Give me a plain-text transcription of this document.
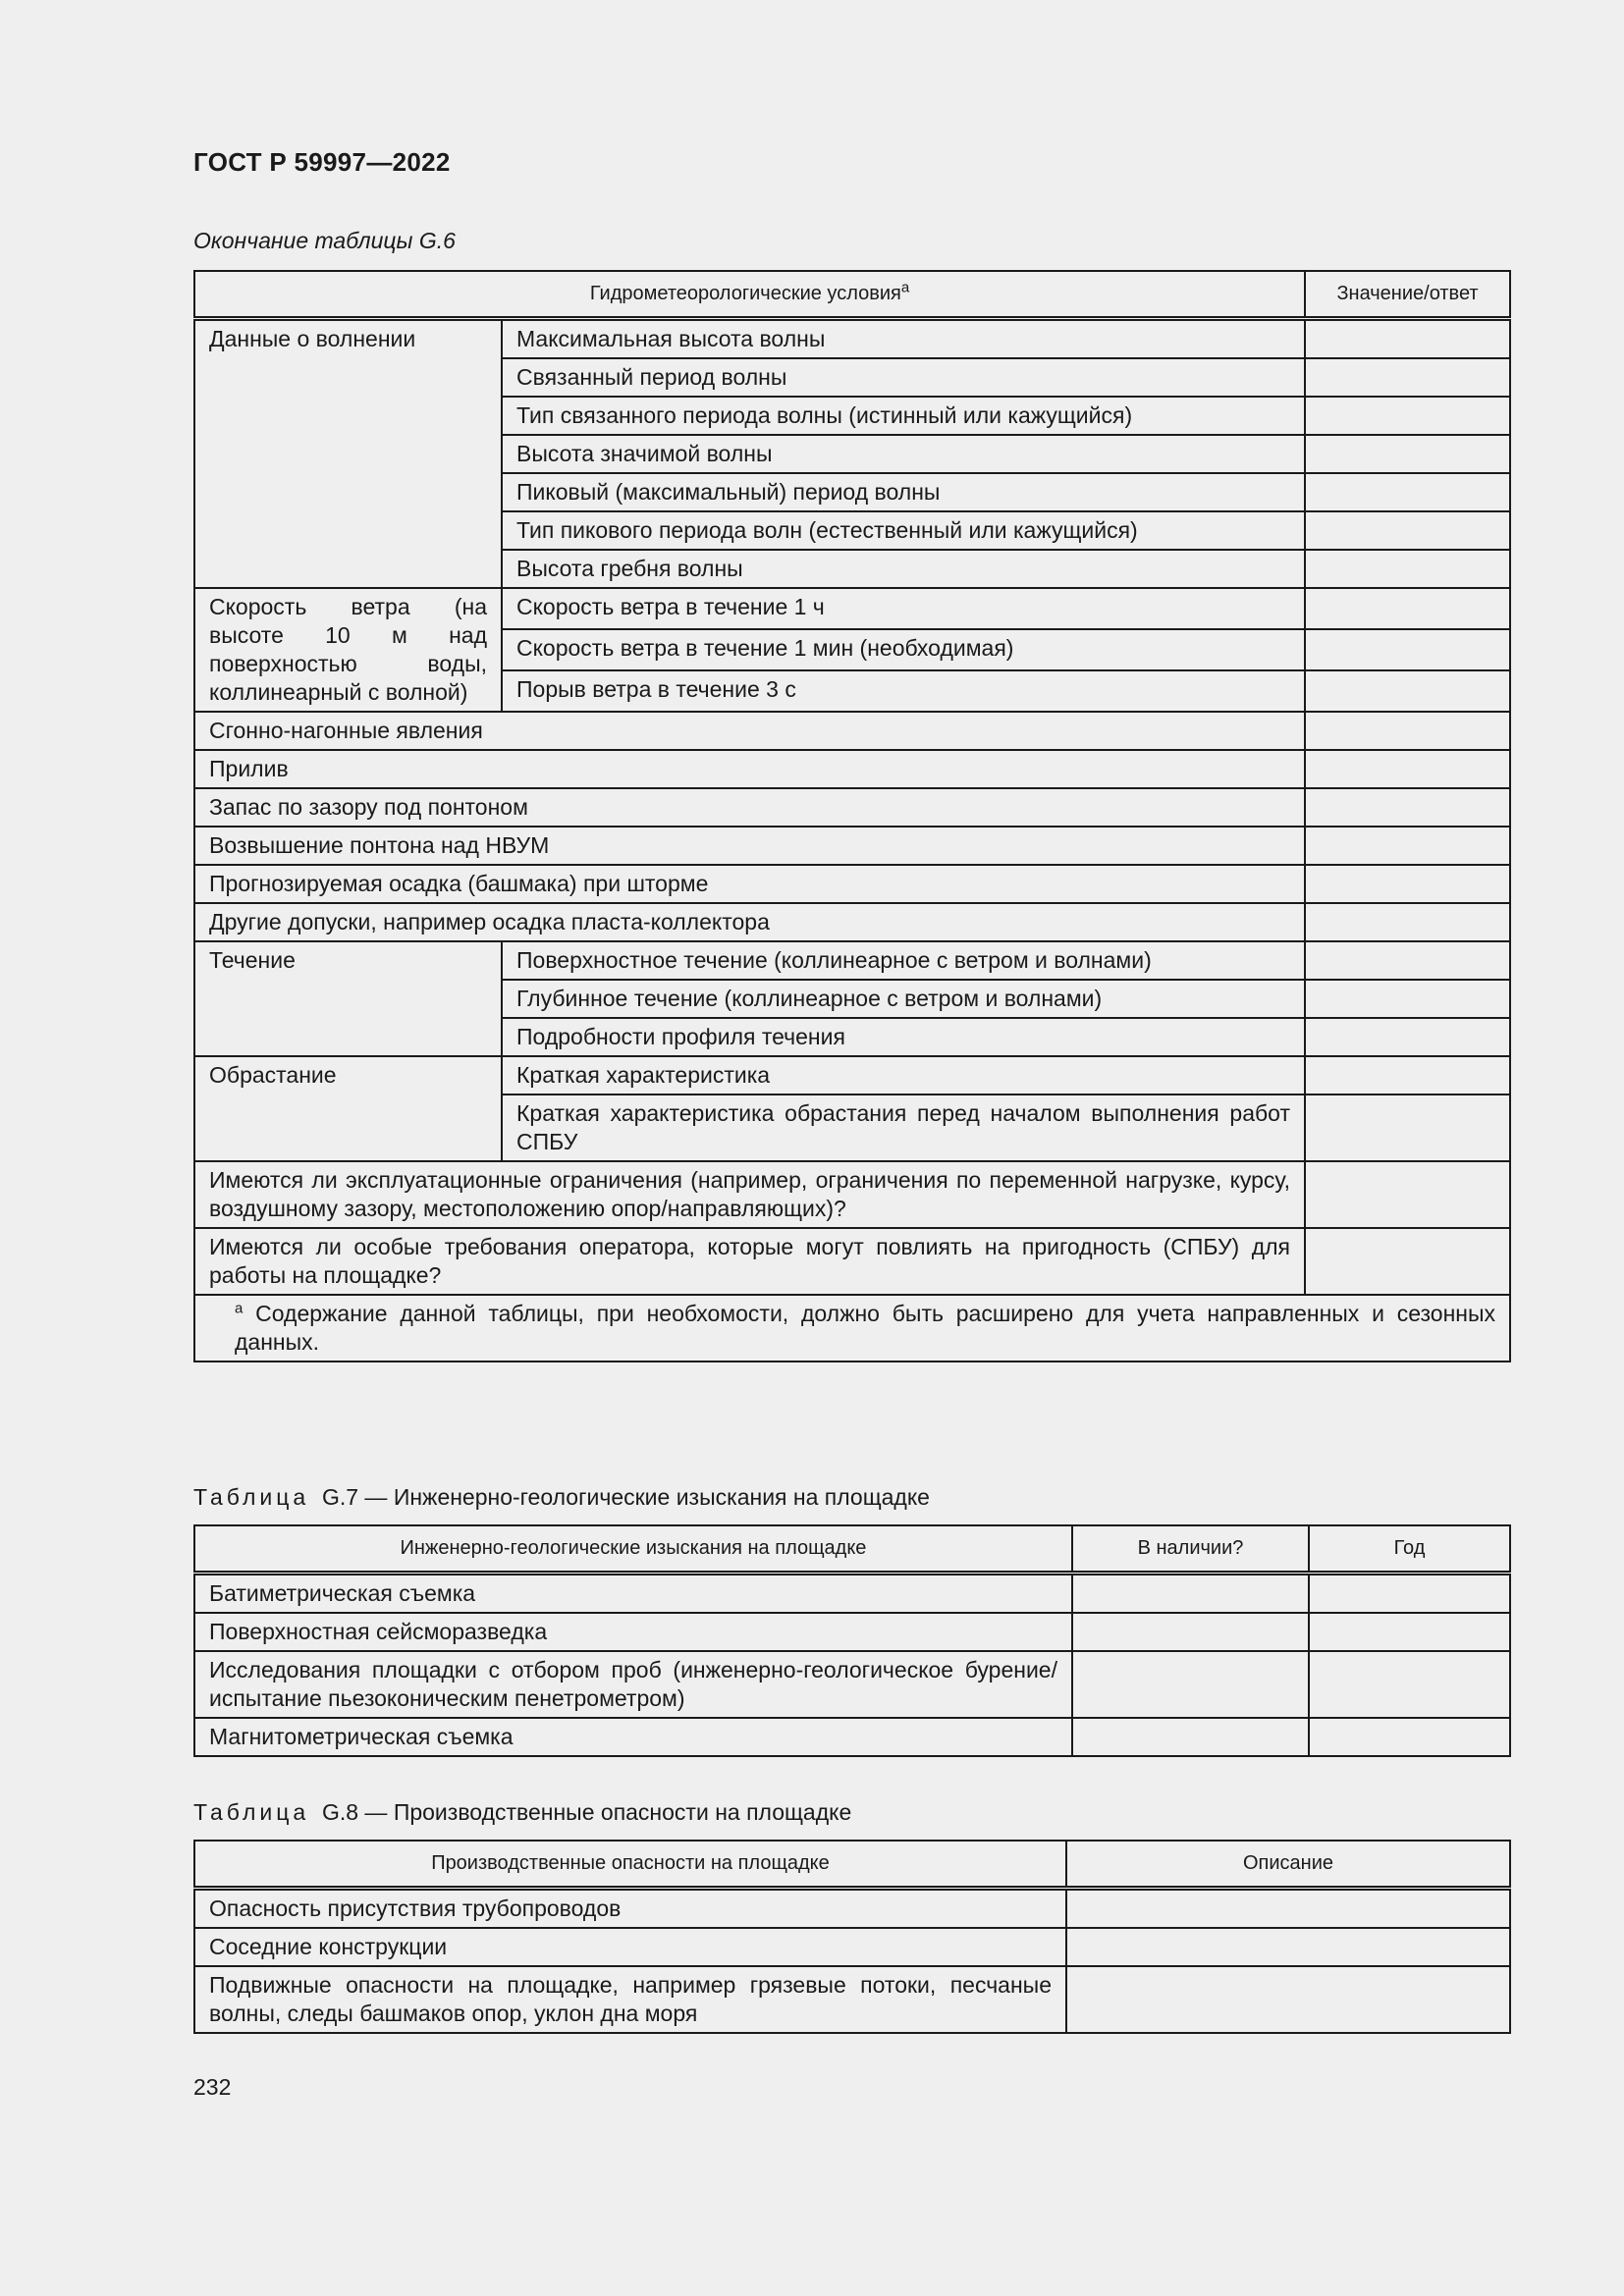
ГОСТ Р 59997—2022
Окончание таблицы G.6
Гидрометеорологические условия$^a$		Значение/ответ
Данные о волнении	Максимальная высота волны	
	Связанный период волны	
	Тип связанного периода волны (истинный или кажущийся)	
	Высота значимой волны	
	Пиковый (максимальный) период волны	
	Тип пикового периода волн (естественный или кажущийся)	
	Высота гребня волны	
Скорость ветра (на высоте 10 м над поверхностью воды, коллинеарный с волной)	Скорость ветра в течение 1 ч	
	Скорость ветра в течение 1 мин (необходимая)	
	Порыв ветра в течение 3 с	
Сгонно-нагонные явления		
Прилив		
Запас по зазору под понтоном		
Возвышение понтона над НВУМ		
Прогнозируемая осадка (башмака) при шторме		
Другие допуски, например осадка пласта-коллектора		
Течение	Поверхностное течение (коллинеарное с ветром и волнами)	
	Глубинное течение (коллинеарное с ветром и волнами)	
	Подробности профиля течения	
Обрастание	Краткая характеристика	
	Краткая характеристика обрастания перед началом выполнения работ СПБУ	
Имеются ли эксплуатационные ограничения (например, ограничения по переменной нагрузке, курсу, воздушному зазору, местоположению опор/направляющих)?		
Имеются ли особые требования оператора, которые могут повлиять на пригодность (СПБУ) для работы на площадке?		
$^a$ Содержание данной таблицы, при необхомости, должно быть расширено для учета направленных и сезонных данных.		
Таблица G.7 — Инженерно-геологические изыскания на площадке
Инженерно-геологические изыскания на площадке	В наличии?	Год
Батиметрическая съемка		
Поверхностная сейсморазведка		
Исследования площадки с отбором проб (инженерно-геологическое бурение/испытание пьезоконическим пенетрометром)		
Магнитометрическая съемка		
Таблица G.8 — Производственные опасности на площадке
Производственные опасности на площадке	Описание
Опасность присутствия трубопроводов	
Соседние конструкции	
Подвижные опасности на площадке, например грязевые потоки, песчаные волны, следы башмаков опор, уклон дна моря	
232
